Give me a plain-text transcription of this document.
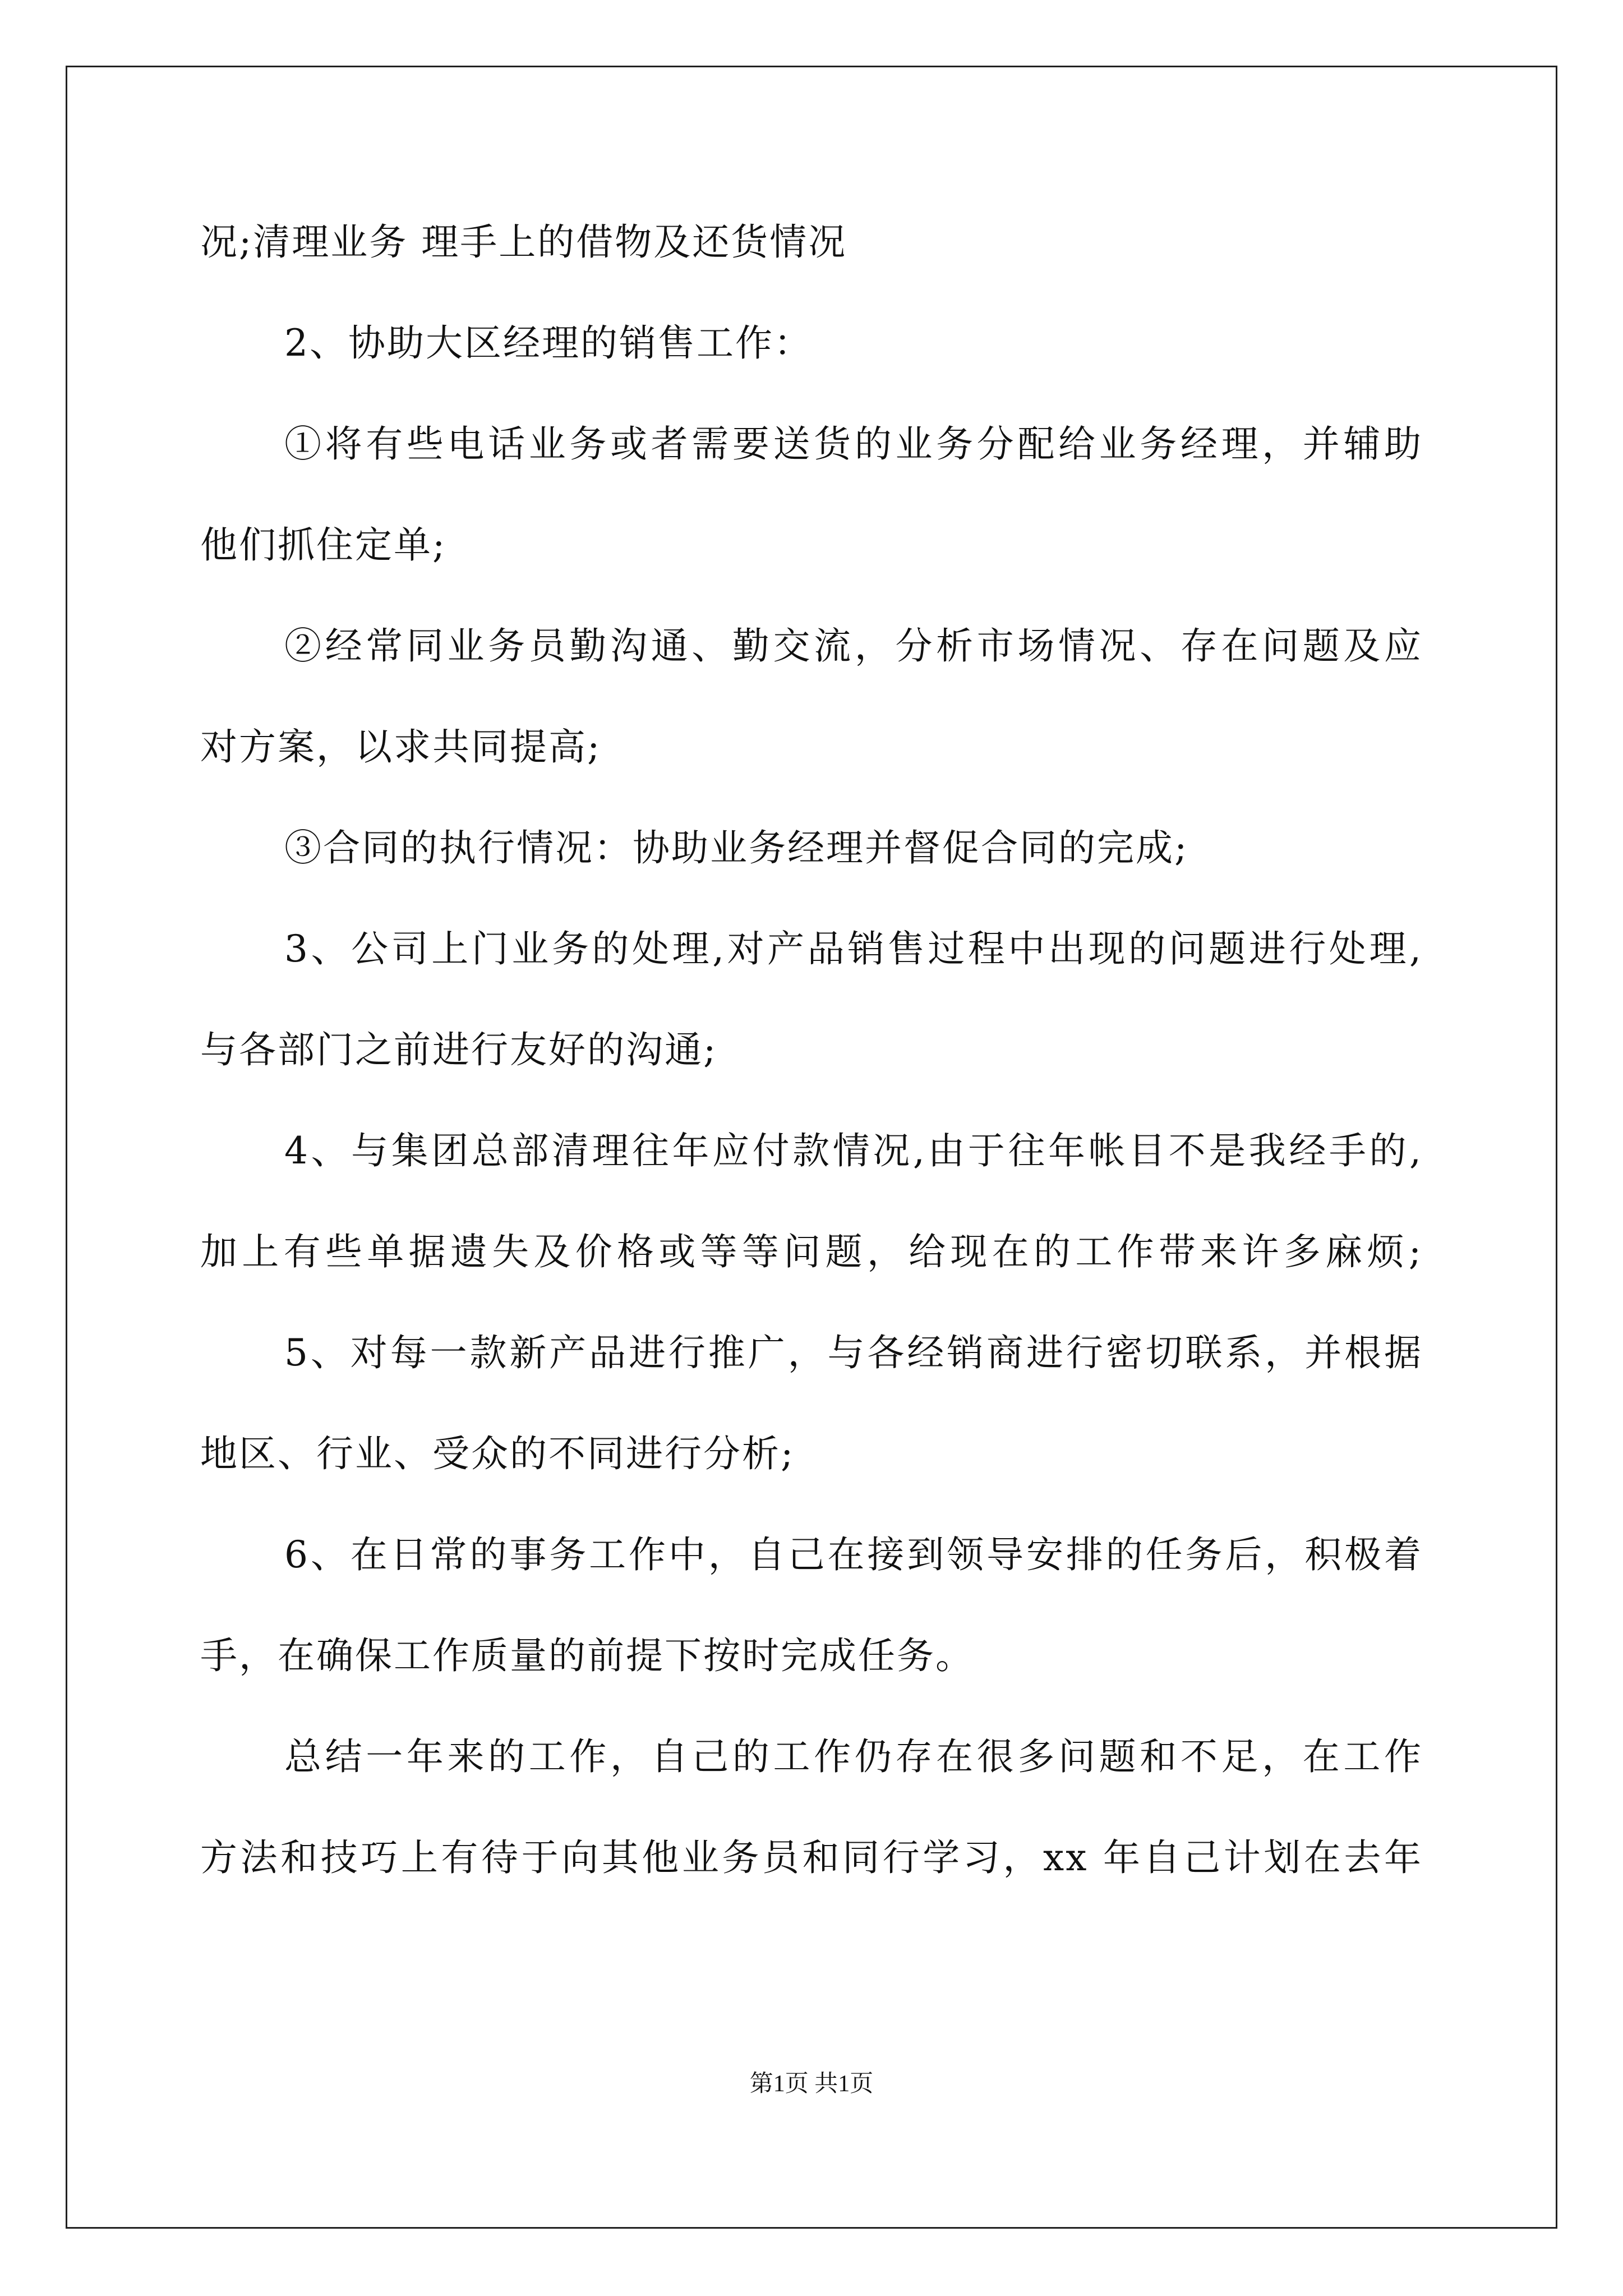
况;清理业务 理手上的借物及还货情况
2、协助大区经理的销售工作：
①将有些电话业务或者需要送货的业务分配给业务经理，并辅助
他们抓住定单;
②经常同业务员勤沟通、勤交流，分析市场情况、存在问题及应
对方案，以求共同提高;
③合同的执行情况：协助业务经理并督促合同的完成;
3、公司上门业务的处理,对产品销售过程中出现的问题进行处理,
与各部门之前进行友好的沟通;
4、与集团总部清理往年应付款情况,由于往年帐目不是我经手的,
加上有些单据遗失及价格或等等问题，给现在的工作带来许多麻烦;
5、对每一款新产品进行推广，与各经销商进行密切联系，并根据
地区、行业、受众的不同进行分析;
6、在日常的事务工作中，自己在接到领导安排的任务后，积极着
手，在确保工作质量的前提下按时完成任务。
总结一年来的工作，自己的工作仍存在很多问题和不足，在工作
方法和技巧上有待于向其他业务员和同行学习，xx 年自己计划在去年
第1页 共1页
